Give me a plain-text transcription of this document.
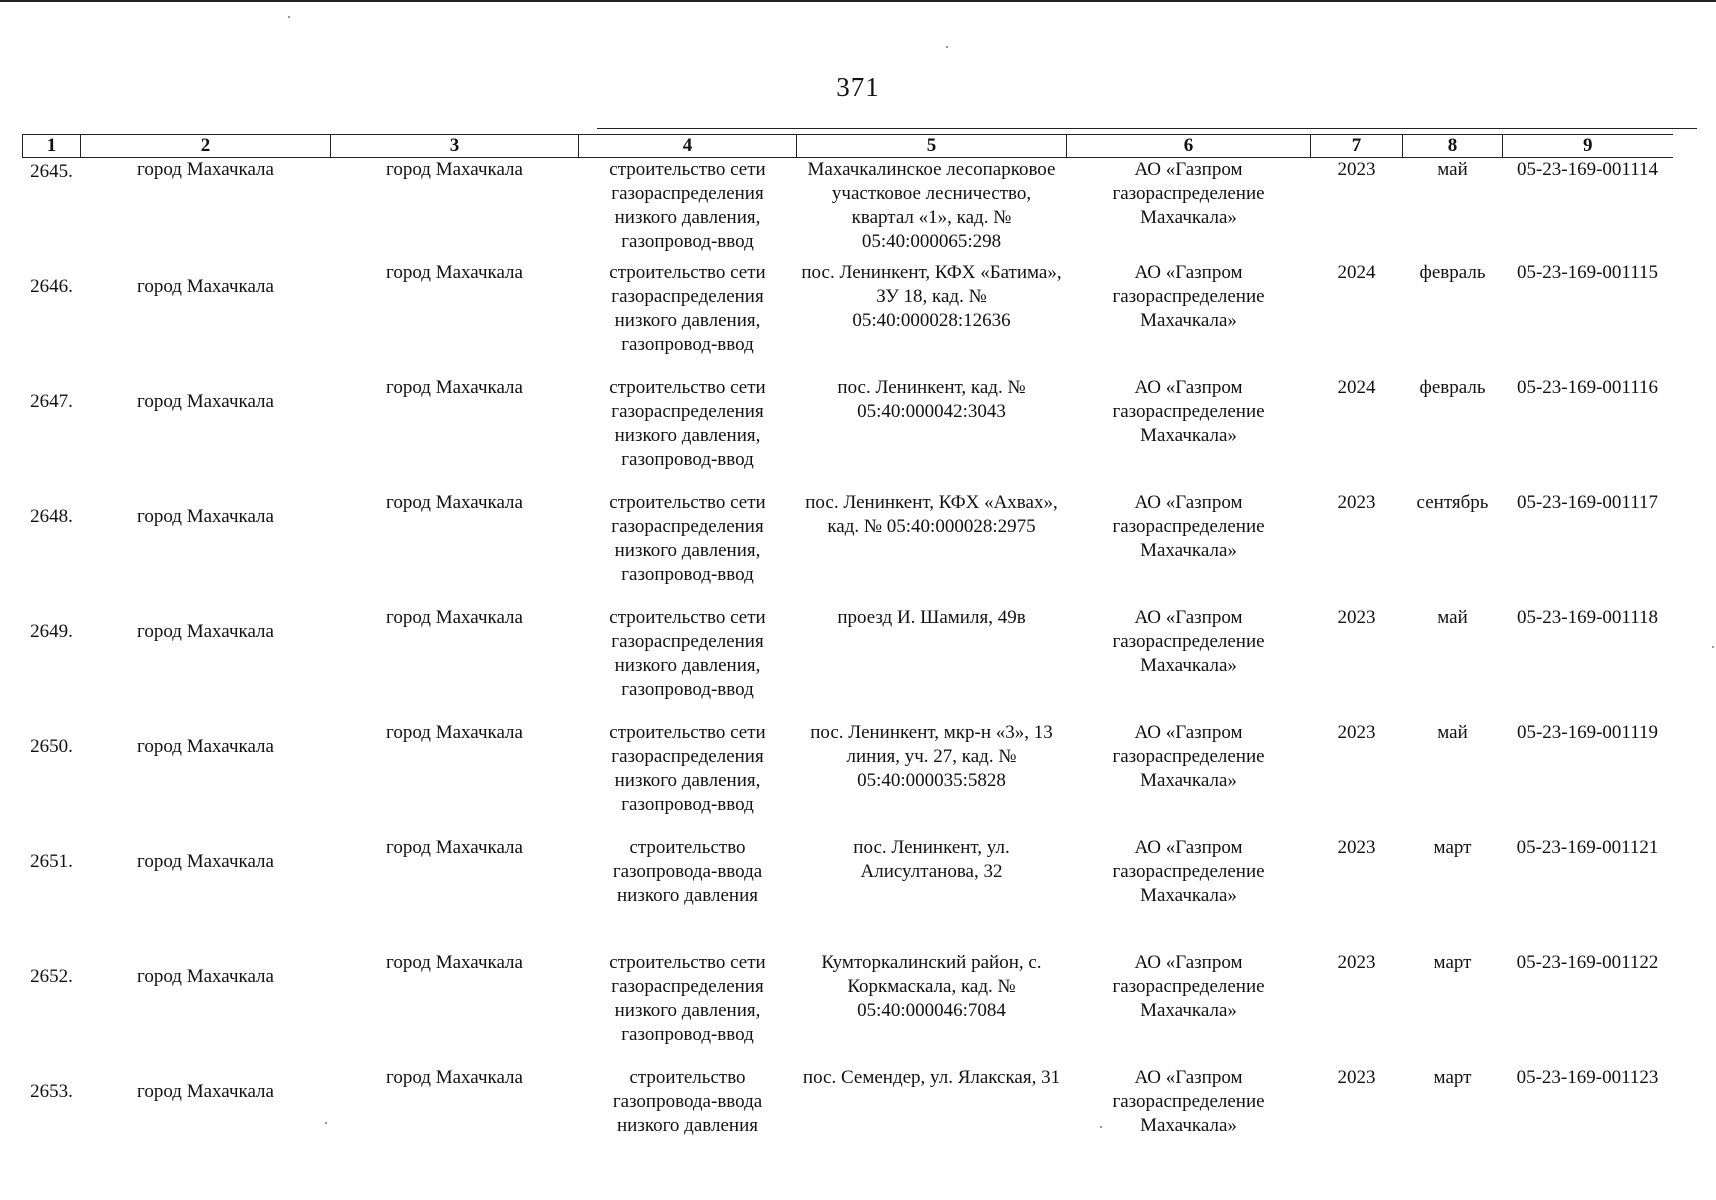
371
1	2	3	4	5	6	7	8	9
2645.	город Махачкала	город Махачкала	строительство сети газораспределения низкого давления, газопровод-ввод	Махачкалинское лесопарковое участковое лесничество, квартал «1», кад. № 05:40:000065:298	АО «Газпром газораспределение Махачкала»	2023	май	05-23-169-001114
2646.	город Махачкала	город Махачкала	строительство сети газораспределения низкого давления, газопровод-ввод	пос. Ленинкент, КФХ «Батима», ЗУ 18, кад. № 05:40:000028:12636	АО «Газпром газораспределение Махачкала»	2024	февраль	05-23-169-001115
2647.	город Махачкала	город Махачкала	строительство сети газораспределения низкого давления, газопровод-ввод	пос. Ленинкент, кад. № 05:40:000042:3043	АО «Газпром газораспределение Махачкала»	2024	февраль	05-23-169-001116
2648.	город Махачкала	город Махачкала	строительство сети газораспределения низкого давления, газопровод-ввод	пос. Ленинкент, КФХ «Ахвах», кад. № 05:40:000028:2975	АО «Газпром газораспределение Махачкала»	2023	сентябрь	05-23-169-001117
2649.	город Махачкала	город Махачкала	строительство сети газораспределения низкого давления, газопровод-ввод	проезд И. Шамиля, 49в	АО «Газпром газораспределение Махачкала»	2023	май	05-23-169-001118
2650.	город Махачкала	город Махачкала	строительство сети газораспределения низкого давления, газопровод-ввод	пос. Ленинкент, мкр-н «3», 13 линия, уч. 27, кад. № 05:40:000035:5828	АО «Газпром газораспределение Махачкала»	2023	май	05-23-169-001119
2651.	город Махачкала	город Махачкала	строительство газопровода-ввода низкого давления	пос. Ленинкент, ул. Алисултанова, 32	АО «Газпром газораспределение Махачкала»	2023	март	05-23-169-001121
2652.	город Махачкала	город Махачкала	строительство сети газораспределения низкого давления, газопровод-ввод	Кумторкалинский район, с. Коркмаскала, кад. № 05:40:000046:7084	АО «Газпром газораспределение Махачкала»	2023	март	05-23-169-001122
2653.	город Махачкала	город Махачкала	строительство газопровода-ввода низкого давления	пос. Семендер, ул. Ялакская, 31	АО «Газпром газораспределение Махачкала»	2023	март	05-23-169-001123
